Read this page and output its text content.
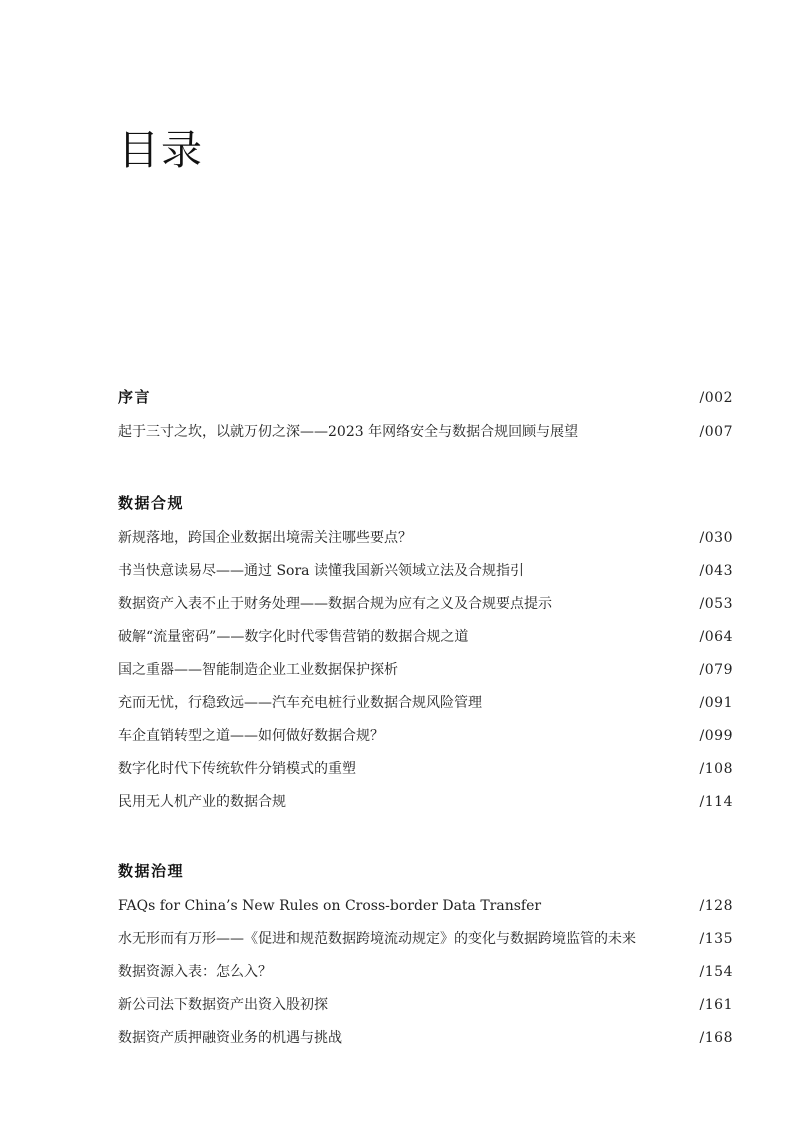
目录
序言	/002
起于三寸之坎，以就万仞之深——2023 年网络安全与数据合规回顾与展望	/007
数据合规
新规落地，跨国企业数据出境需关注哪些要点？	/030
书当快意读易尽——通过 Sora 读懂我国新兴领域立法及合规指引	/043
数据资产入表不止于财务处理——数据合规为应有之义及合规要点提示	/053
破解“流量密码”——数字化时代零售营销的数据合规之道	/064
国之重器——智能制造企业工业数据保护探析	/079
充而无忧，行稳致远——汽车充电桩行业数据合规风险管理	/091
车企直销转型之道——如何做好数据合规？	/099
数字化时代下传统软件分销模式的重塑	/108
民用无人机产业的数据合规	/114
数据治理
FAQs for China’s New Rules on Cross-border Data Transfer	/128
水无形而有万形——《促进和规范数据跨境流动规定》的变化与数据跨境监管的未来	/135
数据资源入表：怎么入？	/154
新公司法下数据资产出资入股初探	/161
数据资产质押融资业务的机遇与挑战	/168
